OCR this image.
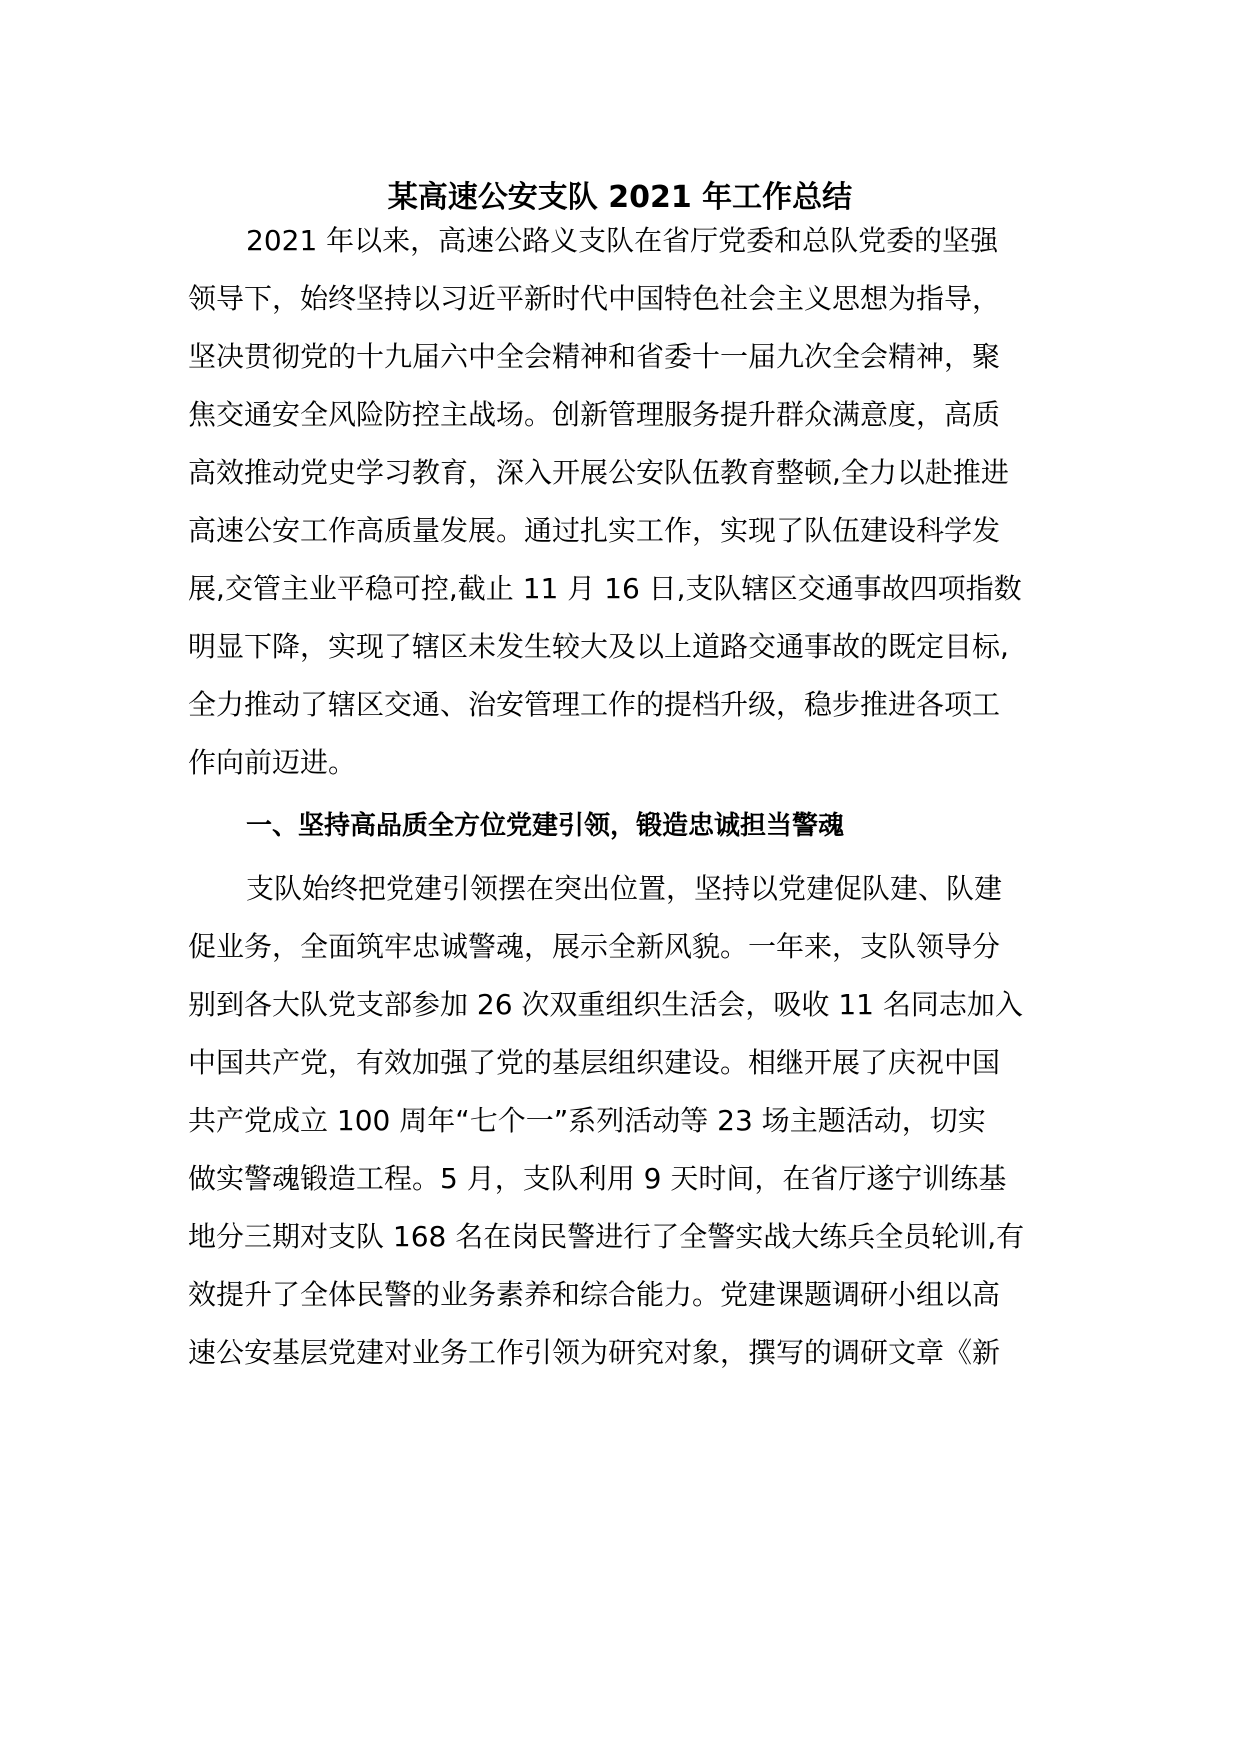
某高速公安支队 2021 年工作总结
2021 年以来，高速公路义支队在省厅党委和总队党委的坚强
领导下，始终坚持以习近平新时代中国特色社会主义思想为指导，
坚决贯彻党的十九届六中全会精神和省委十一届九次全会精神，聚
焦交通安全风险防控主战场。创新管理服务提升群众满意度，高质
高效推动党史学习教育，深入开展公安队伍教育整顿,全力以赴推进
高速公安工作高质量发展。通过扎实工作，实现了队伍建设科学发
展,交管主业平稳可控,截止 11 月 16 日,支队辖区交通事故四项指数
明显下降，实现了辖区未发生较大及以上道路交通事故的既定目标,
全力推动了辖区交通、治安管理工作的提档升级，稳步推进各项工
作向前迈进。
一、坚持高品质全方位党建引领，锻造忠诚担当警魂
支队始终把党建引领摆在突出位置，坚持以党建促队建、队建
促业务，全面筑牢忠诚警魂，展示全新风貌。一年来，支队领导分
别到各大队党支部参加 26 次双重组织生活会，吸收 11 名同志加入
中国共产党，有效加强了党的基层组织建设。相继开展了庆祝中国
共产党成立 100 周年“七个一”系列活动等 23 场主题活动，切实
做实警魂锻造工程。5 月，支队利用 9 天时间，在省厅遂宁训练基
地分三期对支队 168 名在岗民警进行了全警实战大练兵全员轮训,有
效提升了全体民警的业务素养和综合能力。党建课题调研小组以高
速公安基层党建对业务工作引领为研究对象，撰写的调研文章《新
